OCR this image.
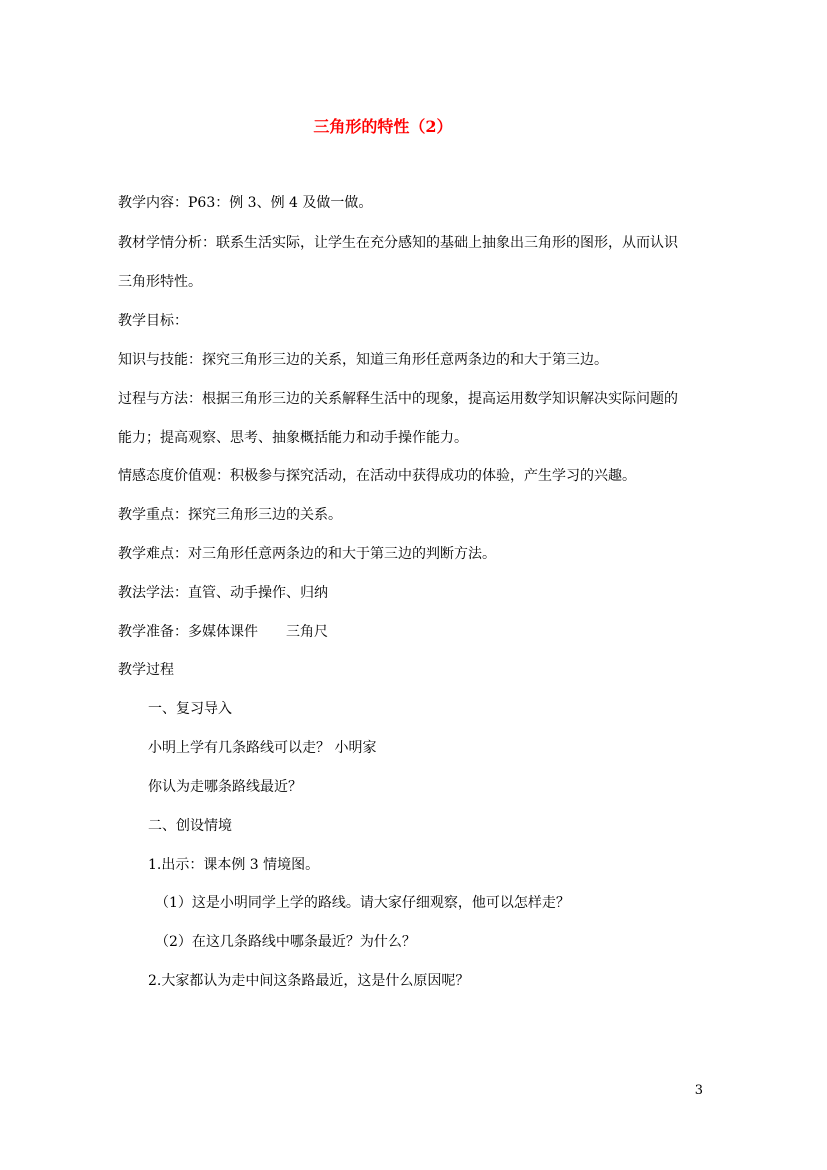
三角形的特性（2）
教学内容：P63：例 3、例 4 及做一做。
教材学情分析：联系生活实际，让学生在充分感知的基础上抽象出三角形的图形，从而认识
三角形特性。
教学目标：
知识与技能：探究三角形三边的关系，知道三角形任意两条边的和大于第三边。
过程与方法：根据三角形三边的关系解释生活中的现象，提高运用数学知识解决实际问题的
能力；提高观察、思考、抽象概括能力和动手操作能力。
情感态度价值观：积极参与探究活动，在活动中获得成功的体验，产生学习的兴趣。
教学重点：探究三角形三边的关系。
教学难点：对三角形任意两条边的和大于第三边的判断方法。
教法学法：直管、动手操作、归纳
教学准备：多媒体课件　　三角尺
教学过程
一、复习导入
小明上学有几条路线可以走？ 小明家
你认为走哪条路线最近？
二、创设情境
1.出示：课本例 3 情境图。
（1）这是小明同学上学的路线。请大家仔细观察，他可以怎样走？
（2）在这几条路线中哪条最近？为什么？
2.大家都认为走中间这条路最近，这是什么原因呢？
3
